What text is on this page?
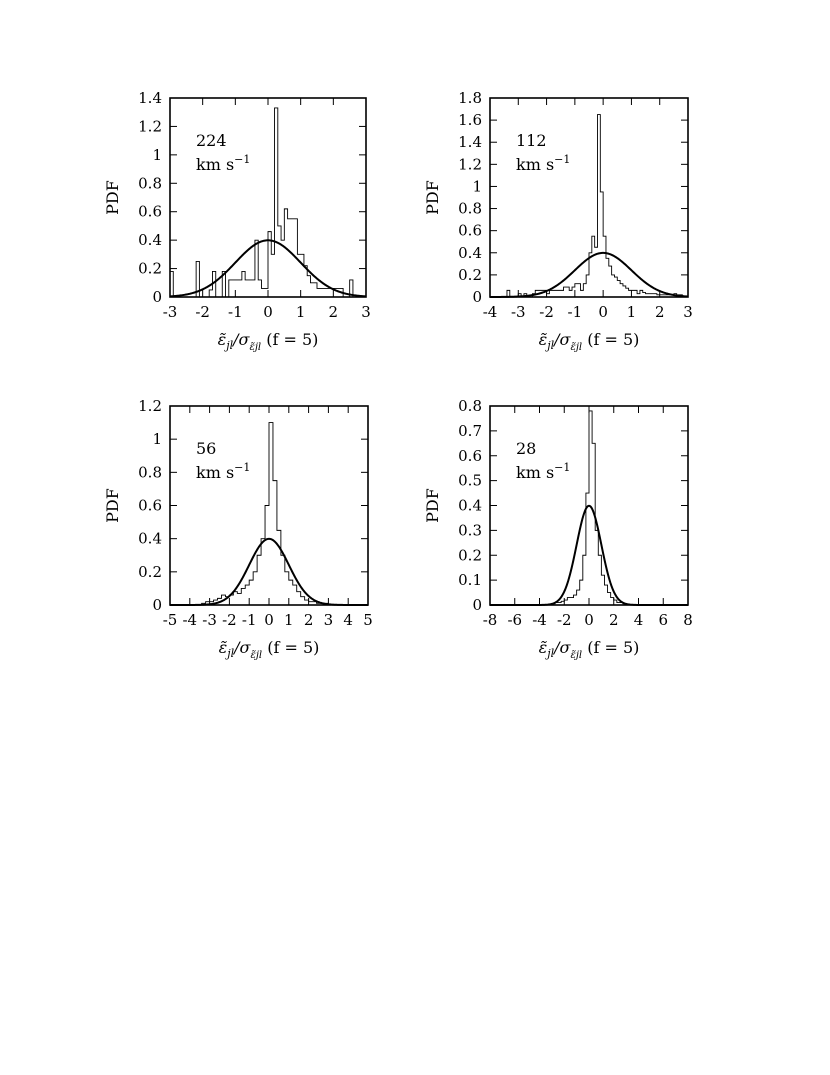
-3 -2 -1 0 1 2 3
0
0.2
0.4
0.6
0.8
1
1.2
1.4
PDF
$\varepsiloñ_{jl}/\sigma_{\varepsiloñjl}$ (f = 5)
224
km $s^{-1}$
-4 -3 -2 -1 0 1 2 3
0
0.2
0.4
0.6
0.8
1
1.2
1.4
1.6
1.8
PDF
$\varepsiloñ_{jl}/\sigma_{\varepsiloñjl}$ (f = 5)
112
km $s^{-1}$
-5 -4 -3 -2 -1 0 1 2 3 4 5
0
0.2
0.4
0.6
0.8
1
1.2
PDF
$\varepsiloñ_{jl}/\sigma_{\varepsiloñjl}$ (f = 5)
56
km $s^{-1}$
-8 -6 -4 -2 0 2 4 6 8
0
0.1
0.2
0.3
0.4
0.5
0.6
0.7
0.8
PDF
$\varepsiloñ_{jl}/\sigma_{\varepsiloñjl}$ (f = 5)
28
km $s^{-1}$
